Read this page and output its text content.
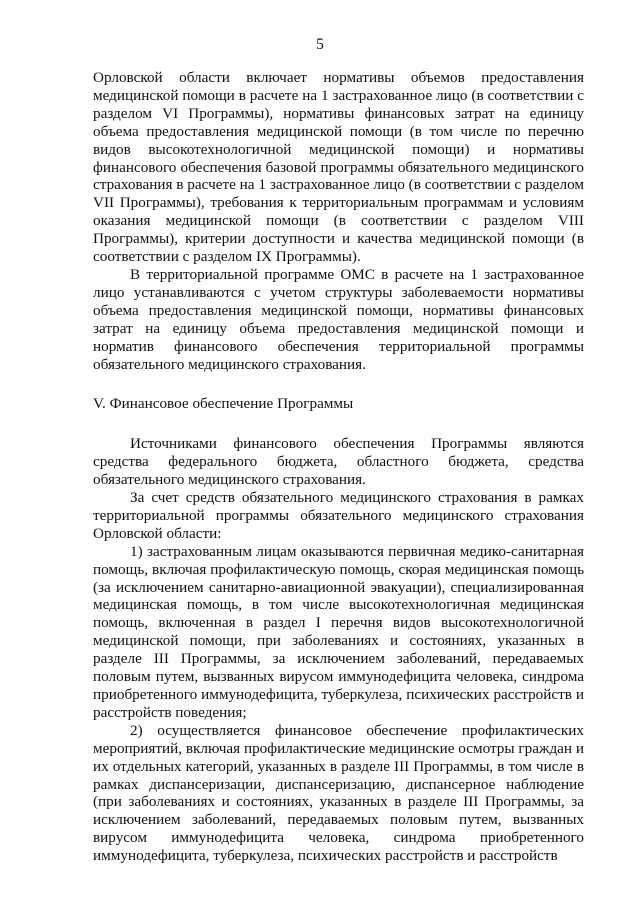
5

Орловской области включает нормативы объемов предоставления медицинской помощи в расчете на 1 застрахованное лицо (в соответствии с разделом VI Программы), нормативы финансовых затрат на единицу объема предоставления медицинской помощи (в том числе по перечню видов высокотехнологичной медицинской помощи) и нормативы финансового обеспечения базовой программы обязательного медицинского страхования в расчете на 1 застрахованное лицо (в соответствии с разделом VII Программы), требования к территориальным программам и условиям оказания медицинской помощи (в соответствии с разделом VIII Программы), критерии доступности и качества медицинской помощи (в соответствии с разделом IX Программы).

В территориальной программе ОМС в расчете на 1 застрахованное лицо устанавливаются с учетом структуры заболеваемости нормативы объема предоставления медицинской помощи, нормативы финансовых затрат на единицу объема предоставления медицинской помощи и норматив финансового обеспечения территориальной программы обязательного медицинского страхования.

V. Финансовое обеспечение Программы

Источниками финансового обеспечения Программы являются средства федерального бюджета, областного бюджета, средства обязательного медицинского страхования.

За счет средств обязательного медицинского страхования в рамках территориальной программы обязательного медицинского страхования Орловской области:

1) застрахованным лицам оказываются первичная медико-санитарная помощь, включая профилактическую помощь, скорая медицинская помощь (за исключением санитарно-авиационной эвакуации), специализированная медицинская помощь, в том числе высокотехнологичная медицинская помощь, включенная в раздел I перечня видов высокотехнологичной медицинской помощи, при заболеваниях и состояниях, указанных в разделе III Программы, за исключением заболеваний, передаваемых половым путем, вызванных вирусом иммунодефицита человека, синдрома приобретенного иммунодефицита, туберкулеза, психических расстройств и расстройств поведения;

2) осуществляется финансовое обеспечение профилактических мероприятий, включая профилактические медицинские осмотры граждан и их отдельных категорий, указанных в разделе III Программы, в том числе в рамках диспансеризации, диспансеризацию, диспансерное наблюдение (при заболеваниях и состояниях, указанных в разделе III Программы, за исключением заболеваний, передаваемых половым путем, вызванных вирусом иммунодефицита человека, синдрома приобретенного иммунодефицита, туберкулеза, психических расстройств и расстройств
